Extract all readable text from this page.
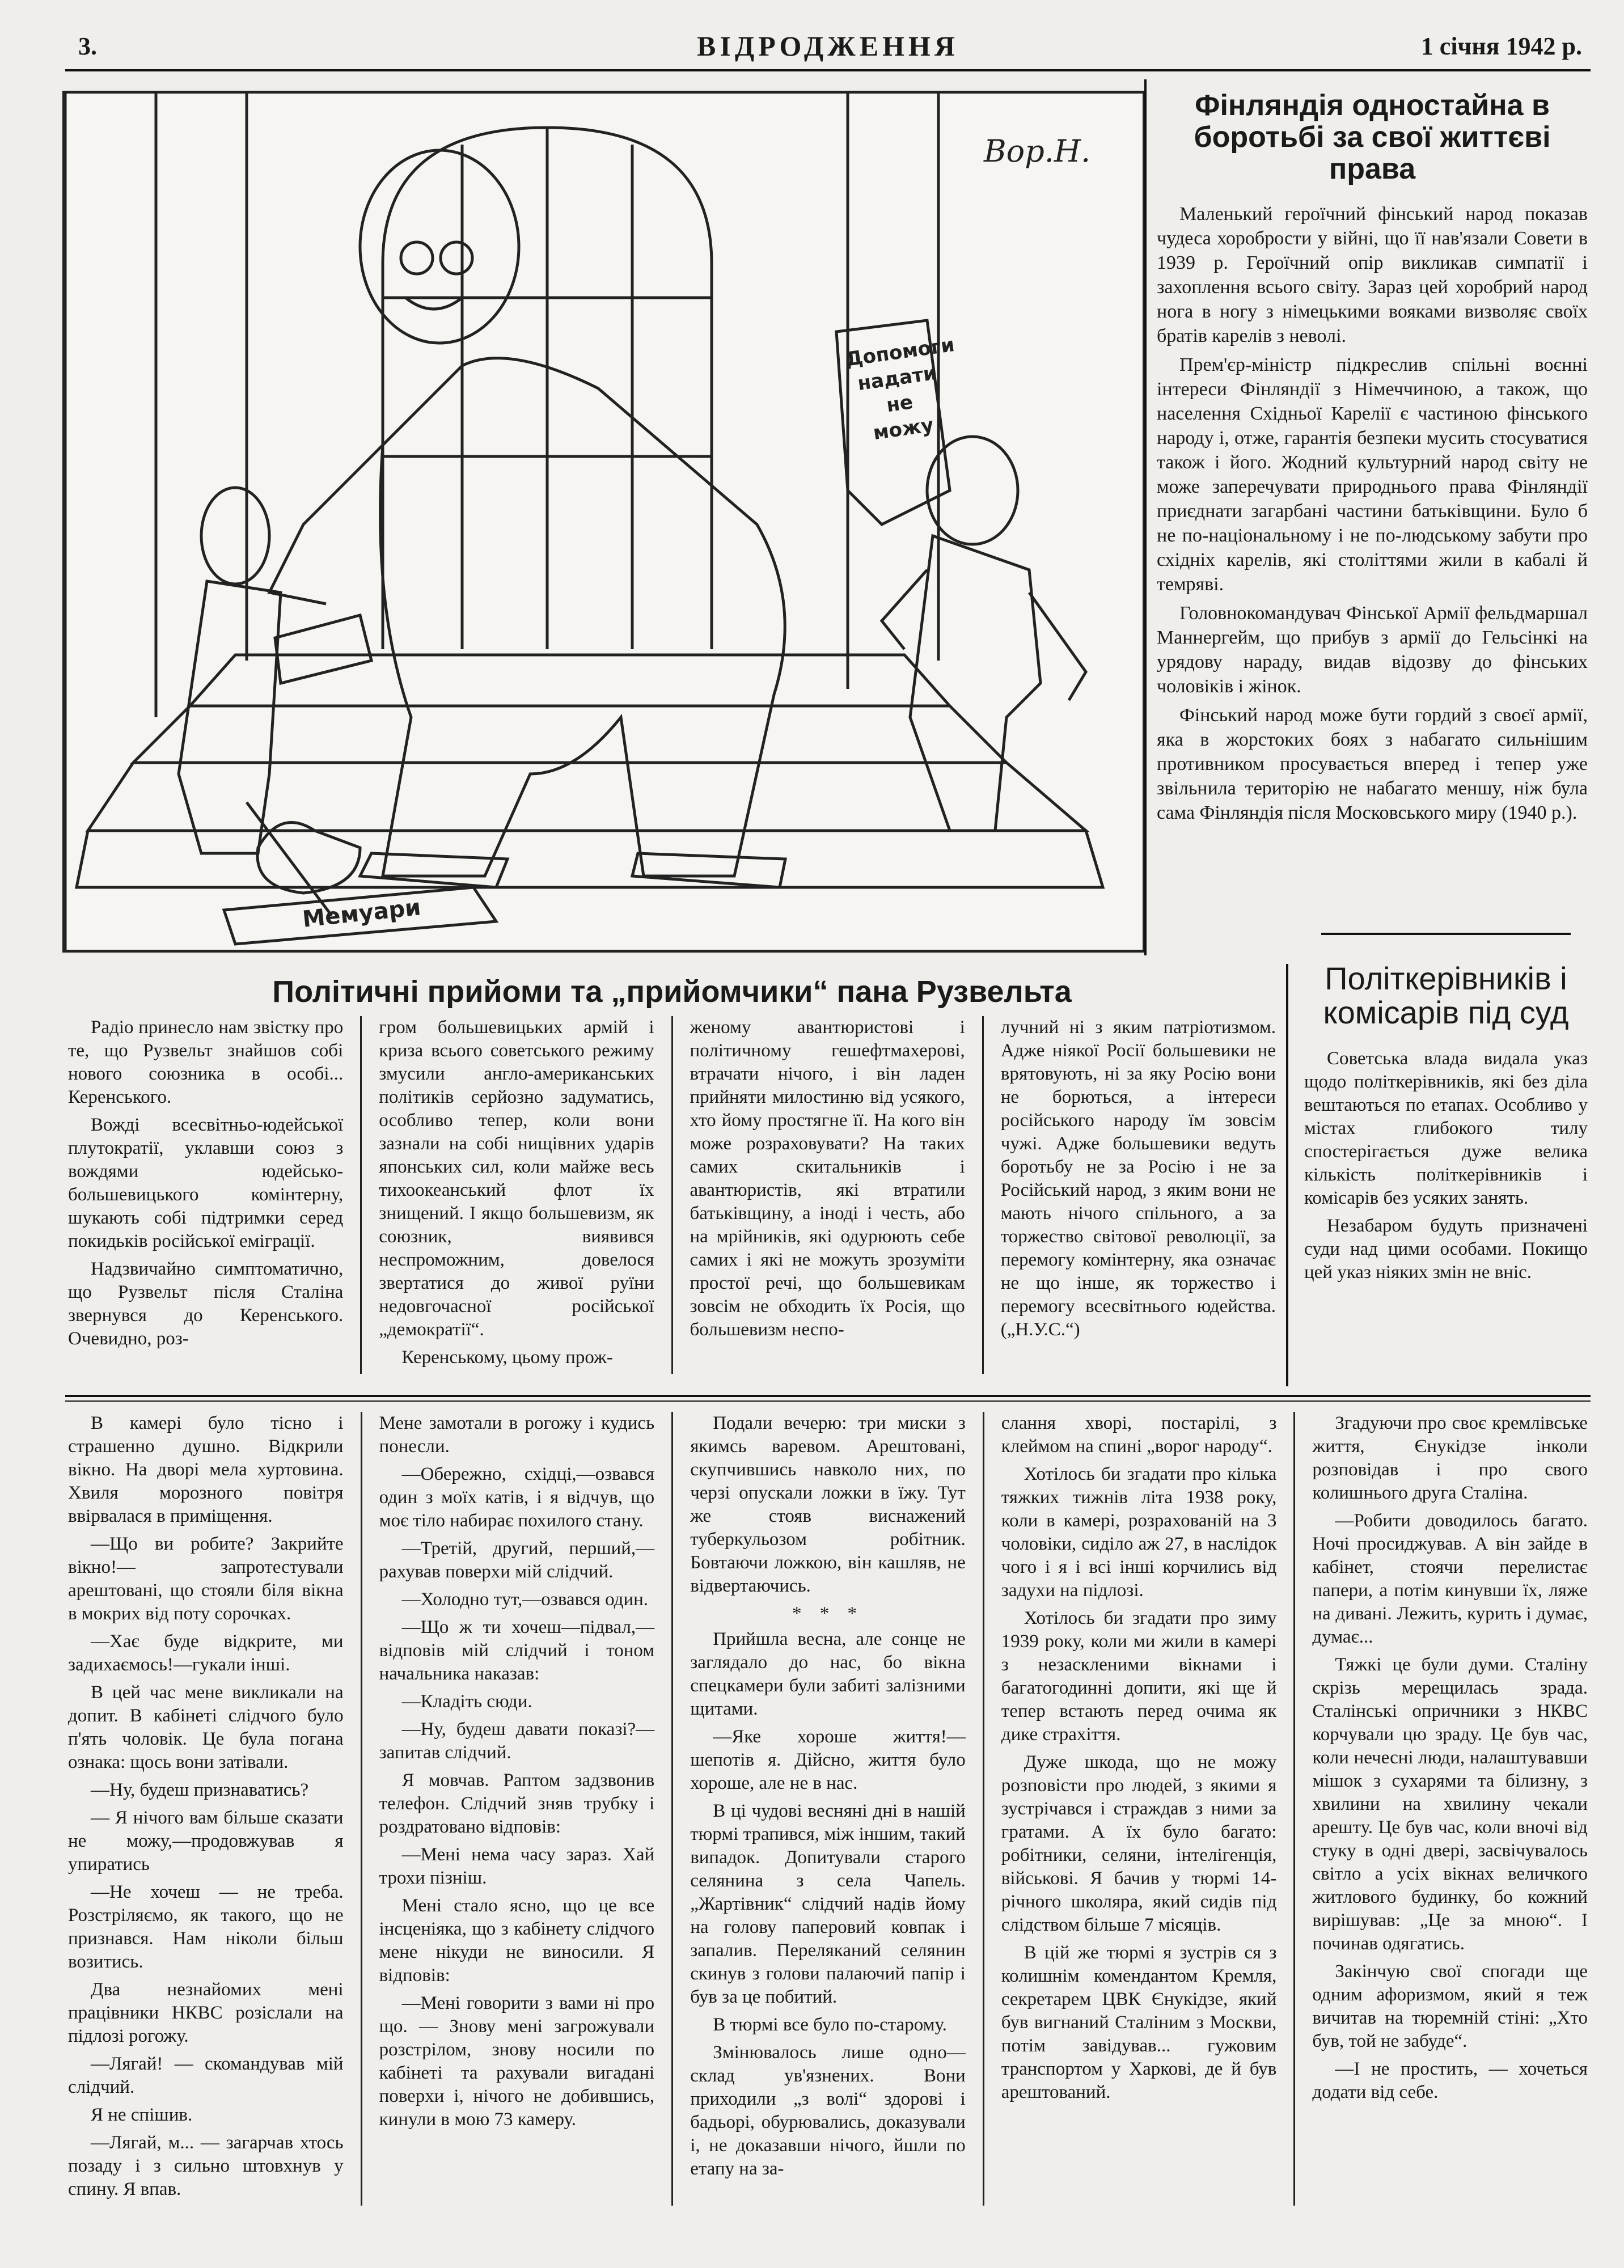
3.	ВІДРОДЖЕННЯ	1 січня 1942 р.
Вор.Н.
Допомоги
надати
не
можу
Мемуари
Фінляндія одностайна в боротьбі за свої життєві права

Маленький героїчний фінський народ показав чудеса хоробрости у війні, що її нав'язали Совети в 1939 р. Героїчний опір викликав симпатії і захоплення всього світу. Зараз цей хоробрий народ нога в ногу з німецькими вояками визволяє своїх братів карелів з неволі.

Прем'єр-міністр підкреслив спільні воєнні інтереси Фінляндії з Німеччиною, а також, що населення Східньої Карелії є частиною фінського народу і, отже, гарантія безпеки мусить стосуватися також і його. Жодний культурний народ світу не може заперечувати природнього права Фінляндії приєднати загарбані частини батьківщини. Було б не по-національному і не по-людському забути про східніх карелів, які століттями жили в кабалі й темряві.

Головнокомандувач Фінської Армії фельдмаршал Маннергейм, що прибув з армії до Гельсінкі на урядову нараду, видав відозву до фінських чоловіків і жінок.

Фінський народ може бути гордий з своєї армії, яка в жорстоких боях з набагато сильнішим противником просувається вперед і тепер уже звільнила територію не набагато меншу, ніж була сама Фінляндія після Московського миру (1940 р.).

Політичні прийоми та „прийомчики“ пана Рузвельта

Радіо принесло нам звістку про те, що Рузвельт знайшов собі нового союзника в особі... Керенського.

Вожді всесвітньо-юдейської плутократії, уклавши союз з вождями юдейсько-большевицького комінтерну, шукають собі підтримки серед покидьків російської еміграції.

Надзвичайно симптоматично, що Рузвельт після Сталіна звернувся до Керенського. Очевидно, роз-

гром большевицьких армій і криза всього советського режиму змусили англо-американських політиків серйозно задуматись, особливо тепер, коли вони зазнали на собі нищівних ударів японських сил, коли майже весь тихоокеанський флот їх знищений. І якщо большевизм, як союзник, виявився неспроможним, довелося звертатися до живої руїни недовгочасної російської „демократії“.

Керенському, цьому прож-

женому авантюристові і політичному гешефтмахерові, втрачати нічого, і він ладен прийняти милостиню від усякого, хто йому простягне її. На кого він може розраховувати? На таких самих скитальників і авантюристів, які втратили батьківщину, а іноді і честь, або на мрійників, які одурюють себе самих і які не можуть зрозуміти простої речі, що большевикам зовсім не обходить їх Росія, що большевизм неспо-

лучний ні з яким патріотизмом. Адже ніякої Росії большевики не врятовують, ні за яку Росію вони не борються, а інтереси російського народу їм зовсім чужі. Адже большевики ведуть боротьбу не за Росію і не за Російський народ, з яким вони не мають нічого спільного, а за торжество світової революції, за перемогу комінтерну, яка означає не що інше, як торжество і перемогу всесвітнього юдейства. („Н.У.С.“)

Політкерівників і комісарів під суд

Советська влада видала указ щодо політкерівників, які без діла вештаються по етапах. Особливо у містах глибокого тилу спостерігається дуже велика кількість політкерівників і комісарів без усяких занять.

Незабаром будуть призначені суди над цими особами. Покищо цей указ ніяких змін не вніс.

В камері було тісно і страшенно душно. Відкрили вікно. На дворі мела хуртовина. Хвиля морозного повітря ввірвалася в приміщення.

—Що ви робите? Закрийте вікно!— запротестували арештовані, що стояли біля вікна в мокрих від поту сорочках.

—Хає буде відкрите, ми задихаємось!—гукали інші.

В цей час мене викликали на допит. В кабінеті слідчого було п'ять чоловік. Це була погана ознака: щось вони затівали.

—Ну, будеш признаватись?

— Я нічого вам більше сказати не можу,—продовжував я упиратись

—Не хочеш — не треба. Розстріляємо, як такого, що не признався. Нам ніколи більш возитись.

Два незнайомих мені працівники НКВС розіслали на підлозі рогожу.

—Лягай! — скомандував мій слідчий.

Я не спішив.

—Лягай, м... — загарчав хтось позаду і з сильно штовхнув у спину. Я впав.

Мене замотали в рогожу і кудись понесли.

—Обережно, східці,—озвався один з моїх катів, і я відчув, що моє тіло набирає похилого стану.

—Третій, другий, перший,—рахував поверхи мій слідчий.

—Холодно тут,—озвався один.

—Що ж ти хочеш—підвал,—відповів мій слідчий і тоном начальника наказав:

—Кладіть сюди.

—Ну, будеш давати показі?—запитав слідчий.

Я мовчав. Раптом задзвонив телефон. Слідчий зняв трубку і роздратовано відповів:

—Мені нема часу зараз. Хай трохи пізніш.

Мені стало ясно, що це все інсценіяка, що з кабінету слідчого мене нікуди не виносили. Я відповів:

—Мені говорити з вами ні про що. — Знову мені загрожували розстрілом, знову носили по кабінеті та рахували вигадані поверхи і, нічого не добившись, кинули в мою 73 камеру.

Подали вечерю: три миски з якимсь варевом. Арештовані, скупчившись навколо них, по черзі опускали ложки в їжу. Тут же стояв виснажений туберкульозом робітник. Бовтаючи ложкою, він кашляв, не відвертаючись.

* * *

Прийшла весна, але сонце не заглядало до нас, бо вікна спецкамери були забиті залізними щитами.

—Яке хороше життя!— шепотів я. Дійсно, життя було хороше, але не в нас.

В ці чудові весняні дні в нашій тюрмі трапився, між іншим, такий випадок. Допитували старого селянина з села Чапель. „Жартівник“ слідчий надів йому на голову паперовий ковпак і запалив. Переляканий селянин скинув з голови палаючий папір і був за це побитий.

В тюрмі все було по-старому.

Змінювалось лише одно— склад ув'язнених. Вони приходили „з волі“ здорові і бадьорі, обурювались, доказували і, не доказавши нічого, йшли по етапу на за-

слання хворі, постарілі, з клеймом на спині „ворог народу“.

Хотілось би згадати про кілька тяжких тижнів літа 1938 року, коли в камері, розрахованій на 3 чоловіки, сиділо аж 27, в наслідок чого і я і всі інші корчились від задухи на підлозі.

Хотілось би згадати про зиму 1939 року, коли ми жили в камері з незаскленими вікнами і багатогодинні допити, які ще й тепер встають перед очима як дике страхіття.

Дуже шкода, що не можу розповісти про людей, з якими я зустрічався і страждав з ними за гратами. А їх було багато: робітники, селяни, інтелігенція, військові. Я бачив у тюрмі 14-річного школяра, який сидів під слідством більше 7 місяців.

В цій же тюрмі я зустрів ся з колишнім комендантом Кремля, секретарем ЦВК Єнукідзе, який був вигнаний Сталіним з Москви, потім завідував... гужовим транспортом у Харкові, де й був арештований.

Згадуючи про своє кремлівське життя, Єнукідзе інколи розповідав і про свого колишнього друга Сталіна.

—Робити доводилось багато. Ночі просиджував. А він зайде в кабінет, стоячи перелистає папери, а потім кинувши їх, ляже на дивані. Лежить, курить і думає, думає...

Тяжкі це були думи. Сталіну скрізь мерещилась зрада. Сталінські опричники з НКВС корчували цю зраду. Це був час, коли нечесні люди, налаштувавши мішок з сухарями та білизну, з хвилини на хвилину чекали арешту. Це був час, коли вночі від стуку в одні двері, засвічувалось світло а усіх вікнах величкого житлового будинку, бо кожний вирішував: „Це за мною“. І починав одягатись.

Закінчую свої спогади ще одним афоризмом, який я теж вичитав на тюремній стіні: „Хто був, той не забуде“.

—І не простить, — хочеться додати від себе.
